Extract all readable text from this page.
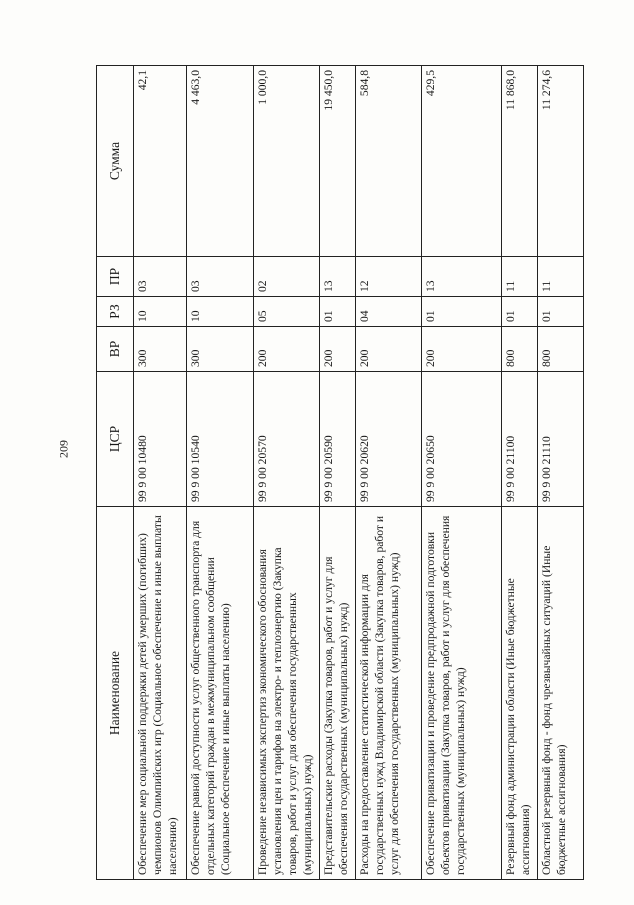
209
Наименование	ЦСР	ВР	РЗ	ПР	Сумма
Обеспечение мер социальной поддержки детей умерших (погибших) чемпионов Олимпийских игр (Социальное обеспечение и иные выплаты населению)	99 9 00 10480	300	10	03	42,1
Обеспечение равной доступности услуг общественного транспорта для отдельных категорий граждан в межмуниципальном сообщении (Социальное обеспечение и иные выплаты населению)	99 9 00 10540	300	10	03	4 463,0
Проведение независимых экспертиз экономического обоснования установления цен и тарифов на электро- и теплоэнергию (Закупка товаров, работ и услуг для обеспечения государственных (муниципальных) нужд)	99 9 00 20570	200	05	02	1 000,0
Представительские расходы (Закупка товаров, работ и услуг для обеспечения государственных (муниципальных) нужд)	99 9 00 20590	200	01	13	19 450,0
Расходы на предоставление статистической информации для государственных нужд Владимирской области (Закупка товаров, работ и услуг для обеспечения государственных (муниципальных) нужд)	99 9 00 20620	200	04	12	584,8
Обеспечение приватизации и проведение предпродажной подготовки объектов приватизации (Закупка товаров, работ и услуг для обеспечения государственных (муниципальных) нужд)	99 9 00 20650	200	01	13	429,5
Резервный фонд администрации области (Иные бюджетные ассигнования)	99 9 00 21100	800	01	11	11 868,0
Областной резервный фонд - фонд чрезвычайных ситуаций (Иные бюджетные ассигнования)	99 9 00 21110	800	01	11	11 274,6
